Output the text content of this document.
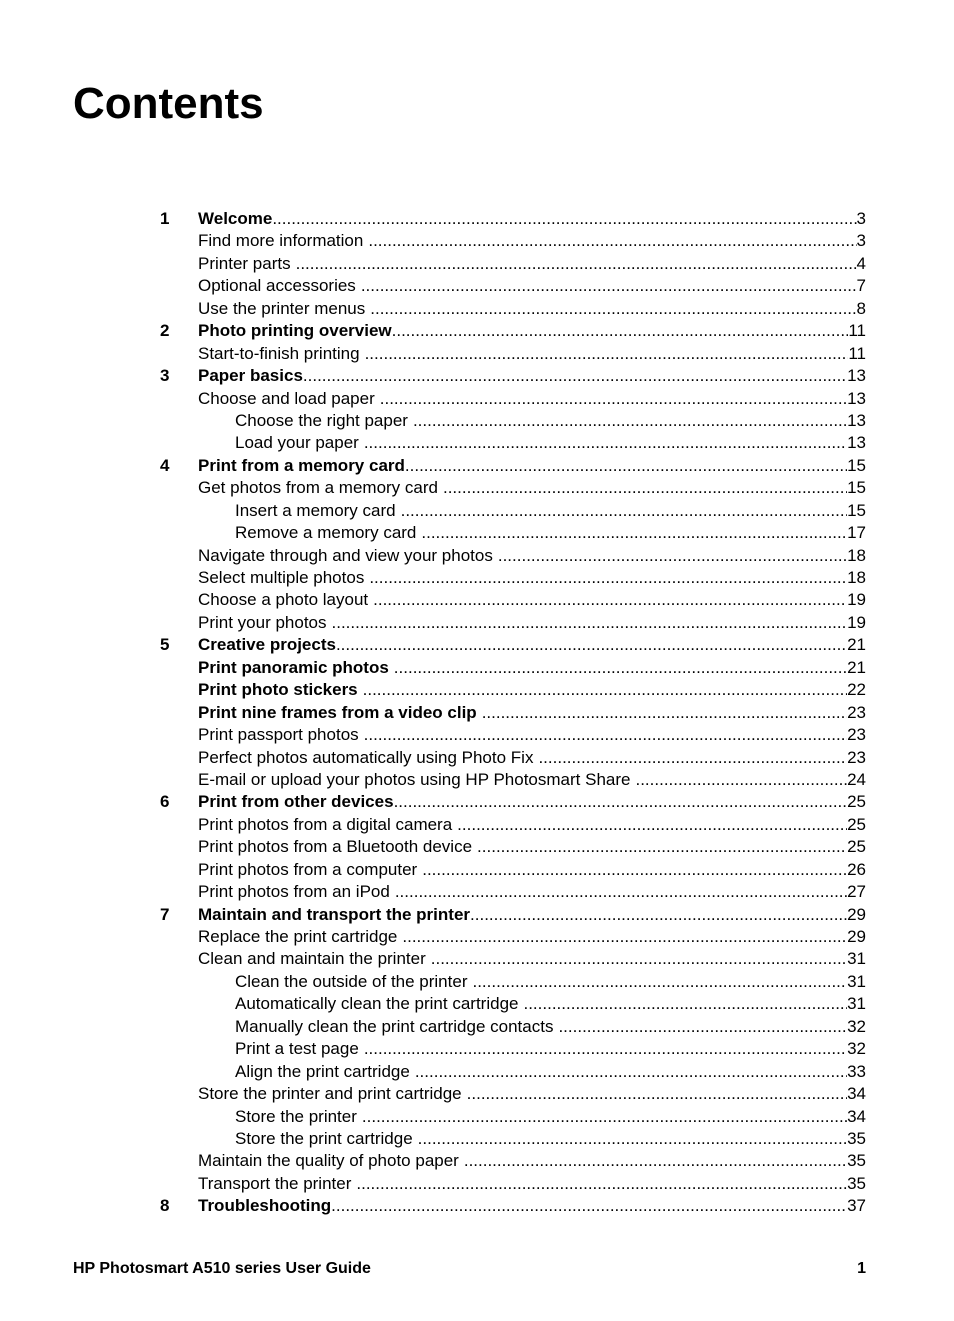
Contents
1 Welcome .....	3
Find more information .....	3
Printer parts .....	4
Optional accessories .....	7
Use the printer menus .....	8
2 Photo printing overview .....	11
Start-to-finish printing .....	11
3 Paper basics .....	13
Choose and load paper .....	13
Choose the right paper .....	13
Load your paper .....	13
4 Print from a memory card .....	15
Get photos from a memory card .....	15
Insert a memory card .....	15
Remove a memory card .....	17
Navigate through and view your photos .....	18
Select multiple photos .....	18
Choose a photo layout .....	19
Print your photos .....	19
5 Creative projects .....	21
Print panoramic photos .....	21
Print photo stickers .....	22
Print nine frames from a video clip .....	23
Print passport photos .....	23
Perfect photos automatically using Photo Fix .....	23
E-mail or upload your photos using HP Photosmart Share .....	24
6 Print from other devices .....	25
Print photos from a digital camera .....	25
Print photos from a Bluetooth device .....	25
Print photos from a computer .....	26
Print photos from an iPod .....	27
7 Maintain and transport the printer .....	29
Replace the print cartridge .....	29
Clean and maintain the printer .....	31
Clean the outside of the printer .....	31
Automatically clean the print cartridge .....	31
Manually clean the print cartridge contacts .....	32
Print a test page .....	32
Align the print cartridge .....	33
Store the printer and print cartridge .....	34
Store the printer .....	34
Store the print cartridge .....	35
Maintain the quality of photo paper .....	35
Transport the printer .....	35
8 Troubleshooting .....	37
HP Photosmart A510 series User Guide	1
